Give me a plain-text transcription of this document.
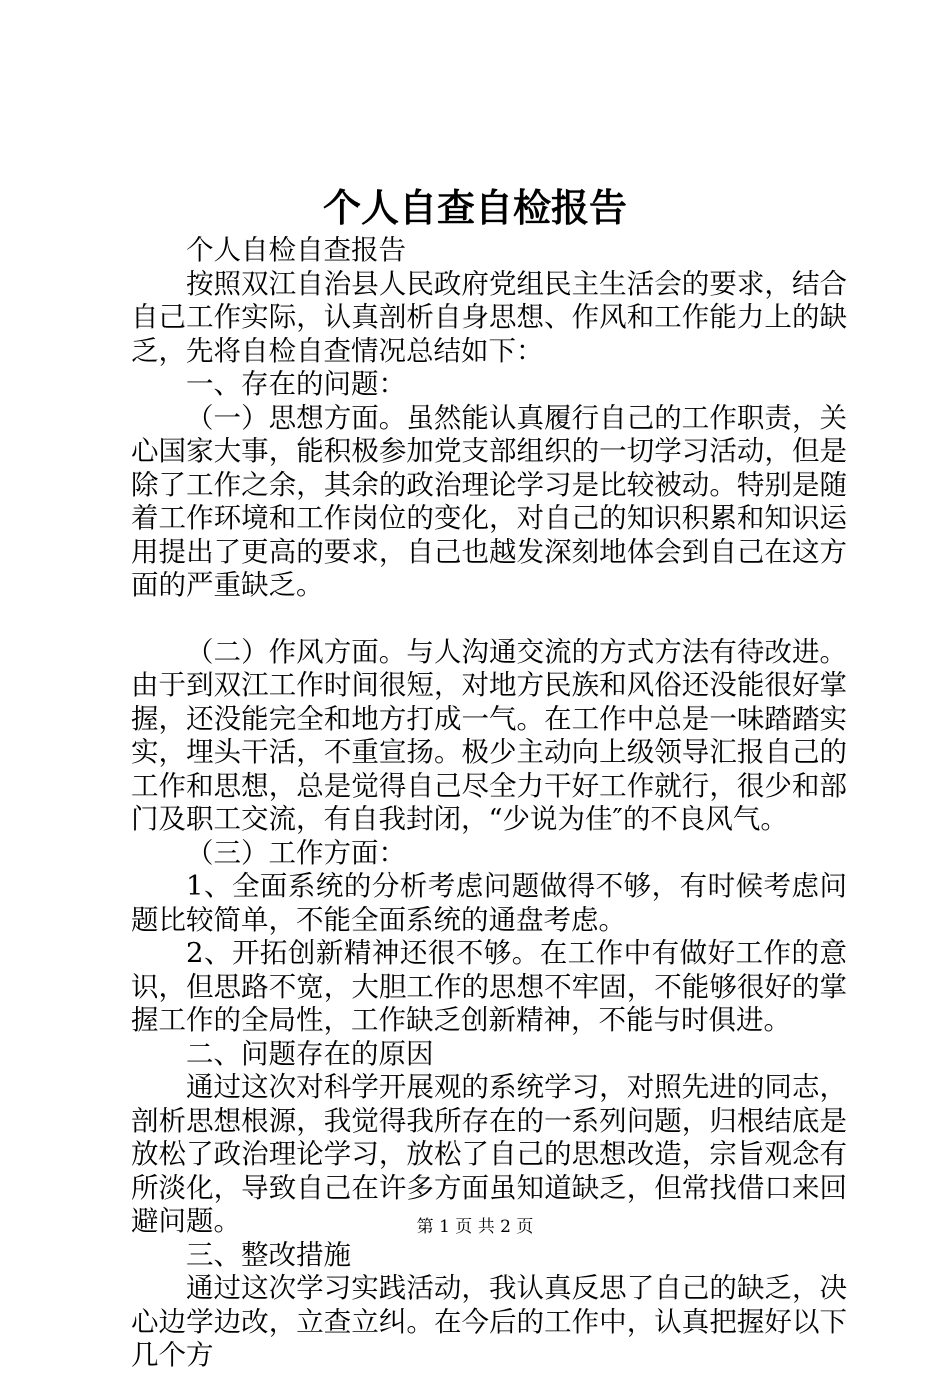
个人自查自检报告

个人自检自查报告

按照双江自治县人民政府党组民主生活会的要求，结合自己工作实际，认真剖析自身思想、作风和工作能力上的缺乏，先将自检自查情况总结如下：

一、存在的问题：

（一）思想方面。虽然能认真履行自己的工作职责，关心国家大事，能积极参加党支部组织的一切学习活动，但是除了工作之余，其余的政治理论学习是比较被动。特别是随着工作环境和工作岗位的变化，对自己的知识积累和知识运用提出了更高的要求，自己也越发深刻地体会到自己在这方面的严重缺乏。

（二）作风方面。与人沟通交流的方式方法有待改进。由于到双江工作时间很短，对地方民族和风俗还没能很好掌握，还没能完全和地方打成一气。在工作中总是一味踏踏实实，埋头干活，不重宣扬。极少主动向上级领导汇报自己的工作和思想，总是觉得自己尽全力干好工作就行，很少和部门及职工交流，有自我封闭，“少说为佳″的不良风气。

（三）工作方面：

1、全面系统的分析考虑问题做得不够，有时候考虑问题比较简单，不能全面系统的通盘考虑。

2、开拓创新精神还很不够。在工作中有做好工作的意识，但思路不宽，大胆工作的思想不牢固，不能够很好的掌握工作的全局性，工作缺乏创新精神，不能与时俱进。

二、问题存在的原因

通过这次对科学开展观的系统学习，对照先进的同志，剖析思想根源，我觉得我所存在的一系列问题，归根结底是放松了政治理论学习，放松了自己的思想改造，宗旨观念有所淡化，导致自己在许多方面虽知道缺乏，但常找借口来回避问题。

三、整改措施

通过这次学习实践活动，我认真反思了自己的缺乏，决心边学边改，立查立纠。在今后的工作中，认真把握好以下几个方

第 1 页 共 2 页
